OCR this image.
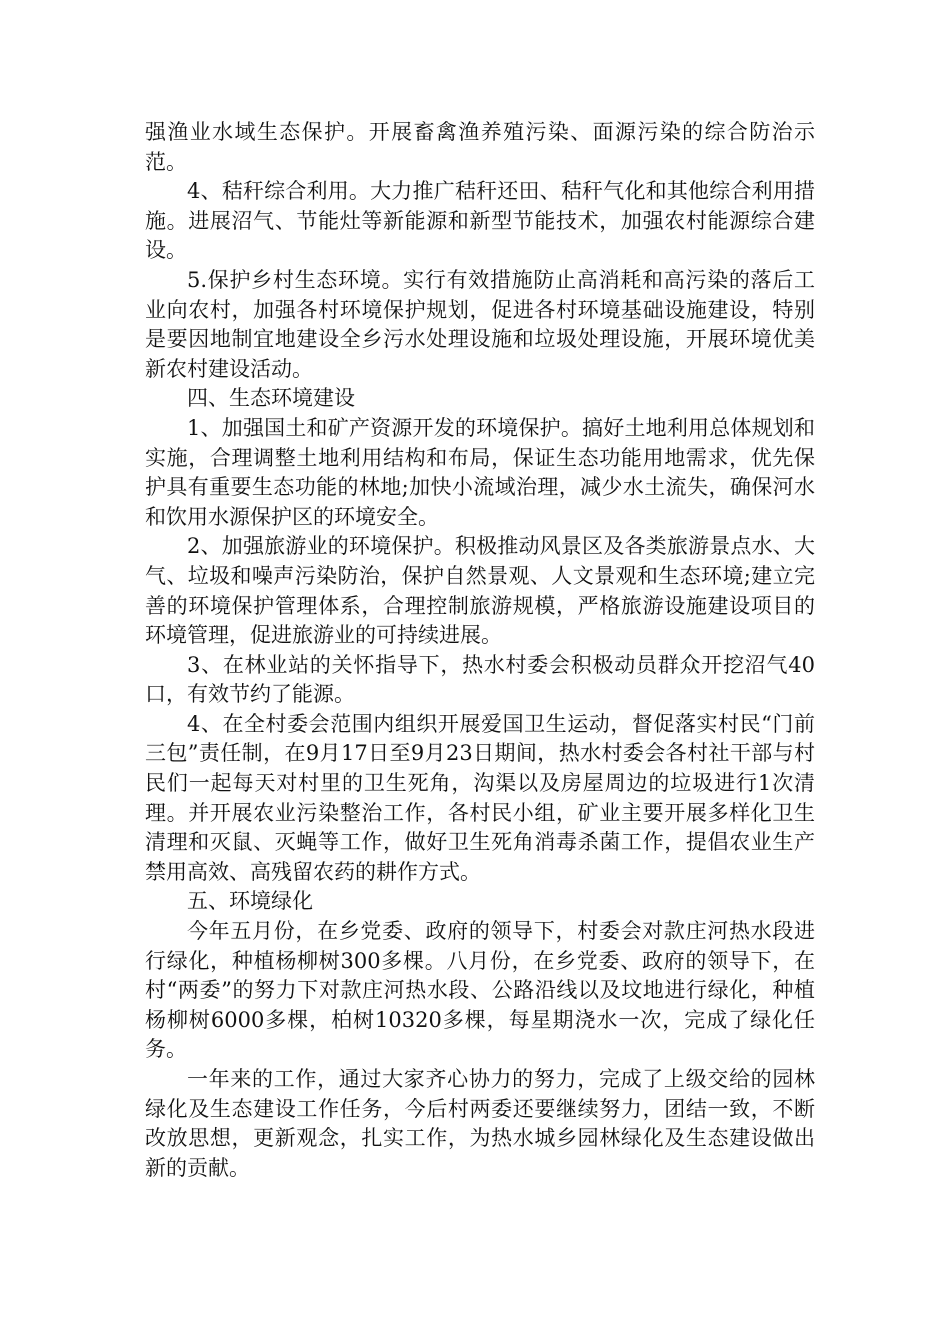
强渔业水域生态保护。开展畜禽渔养殖污染、面源污染的综合防治示范。

4、秸秆综合利用。大力推广秸秆还田、秸秆气化和其他综合利用措施。进展沼气、节能灶等新能源和新型节能技术，加强农村能源综合建设。

5.保护乡村生态环境。实行有效措施防止高消耗和高污染的落后工业向农村，加强各村环境保护规划，促进各村环境基础设施建设，特别是要因地制宜地建设全乡污水处理设施和垃圾处理设施，开展环境优美新农村建设活动。

四、生态环境建设

1、加强国土和矿产资源开发的环境保护。搞好土地利用总体规划和实施，合理调整土地利用结构和布局，保证生态功能用地需求，优先保护具有重要生态功能的林地;加快小流域治理，减少水土流失，确保河水和饮用水源保护区的环境安全。

2、加强旅游业的环境保护。积极推动风景区及各类旅游景点水、大气、垃圾和噪声污染防治，保护自然景观、人文景观和生态环境;建立完善的环境保护管理体系，合理控制旅游规模，严格旅游设施建设项目的环境管理，促进旅游业的可持续进展。

3、在林业站的关怀指导下，热水村委会积极动员群众开挖沼气40口，有效节约了能源。

4、在全村委会范围内组织开展爱国卫生运动，督促落实村民“门前三包”责任制，在9月17日至9月23日期间，热水村委会各村社干部与村民们一起每天对村里的卫生死角，沟渠以及房屋周边的垃圾进行1次清理。并开展农业污染整治工作，各村民小组，矿业主要开展多样化卫生清理和灭鼠、灭蝇等工作，做好卫生死角消毒杀菌工作，提倡农业生产禁用高效、高残留农药的耕作方式。

五、环境绿化

今年五月份，在乡党委、政府的领导下，村委会对款庄河热水段进行绿化，种植杨柳树300多棵。八月份，在乡党委、政府的领导下，在村“两委”的努力下对款庄河热水段、公路沿线以及坟地进行绿化，种植杨柳树6000多棵，柏树10320多棵，每星期浇水一次，完成了绿化任务。

一年来的工作，通过大家齐心协力的努力，完成了上级交给的园林绿化及生态建设工作任务，今后村两委还要继续努力，团结一致，不断改放思想，更新观念，扎实工作，为热水城乡园林绿化及生态建设做出新的贡献。
